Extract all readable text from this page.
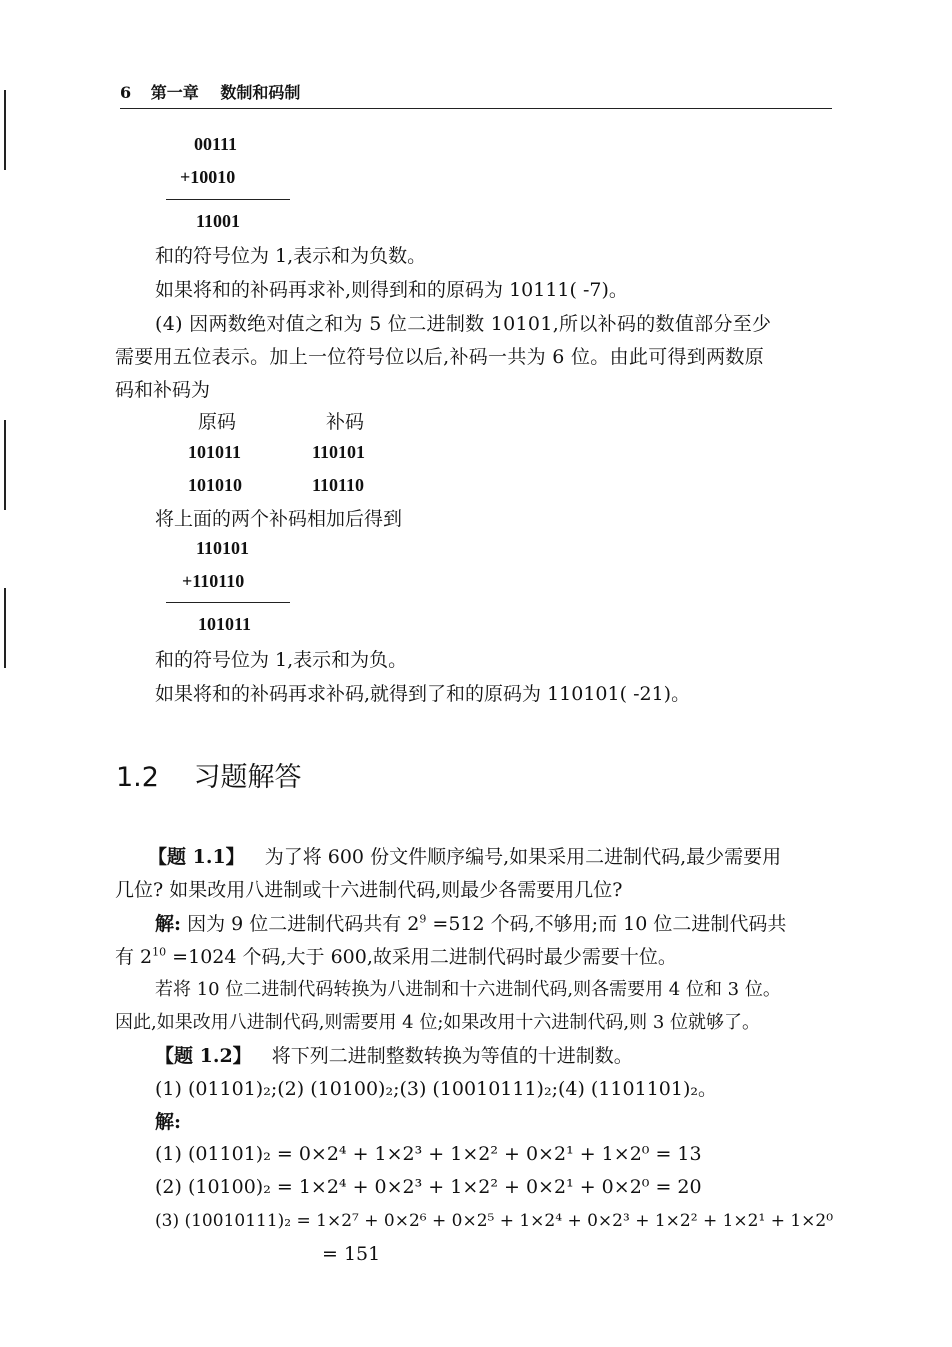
6 第一章 数制和码制
00111
+10010
11001
和的符号位为 1,表示和为负数。
如果将和的补码再求补,则得到和的原码为 10111( -7)。
(4) 因两数绝对值之和为 5 位二进制数 10101,所以补码的数值部分至少
需要用五位表示。加上一位符号位以后,补码一共为 6 位。由此可得到两数原
码和补码为
原码	补码
101011	110101
101010	110110
将上面的两个补码相加后得到
110101
+110110
101011
和的符号位为 1,表示和为负。
如果将和的补码再求补码,就得到了和的原码为 110101( -21)。
1.2 习题解答
【题 1.1】 为了将 600 份文件顺序编号,如果采用二进制代码,最少需要用
几位? 如果改用八进制或十六进制代码,则最少各需要用几位?
解: 因为 9 位二进制代码共有 $2^9 =512$ 个码,不够用;而 10 位二进制代码共
有 $2^{10} =1024$ 个码,大于 600,故采用二进制代码时最少需要十位。
若将 10 位二进制代码转换为八进制和十六进制代码,则各需要用 4 位和 3 位。
因此,如果改用八进制代码,则需要用 4 位;如果改用十六进制代码,则 3 位就够了。
【题 1.2】 将下列二进制整数转换为等值的十进制数。
(1) (01101)₂;(2) (10100)₂;(3) (10010111)₂;(4) (1101101)₂。
解:
(1) (01101)₂ = 0×2⁴ + 1×2³ + 1×2² + 0×2¹ + 1×2⁰ = 13
(2) (10100)₂ = 1×2⁴ + 0×2³ + 1×2² + 0×2¹ + 0×2⁰ = 20
(3) (10010111)₂ = 1×2⁷ + 0×2⁶ + 0×2⁵ + 1×2⁴ + 0×2³ + 1×2² + 1×2¹ + 1×2⁰
= 151
